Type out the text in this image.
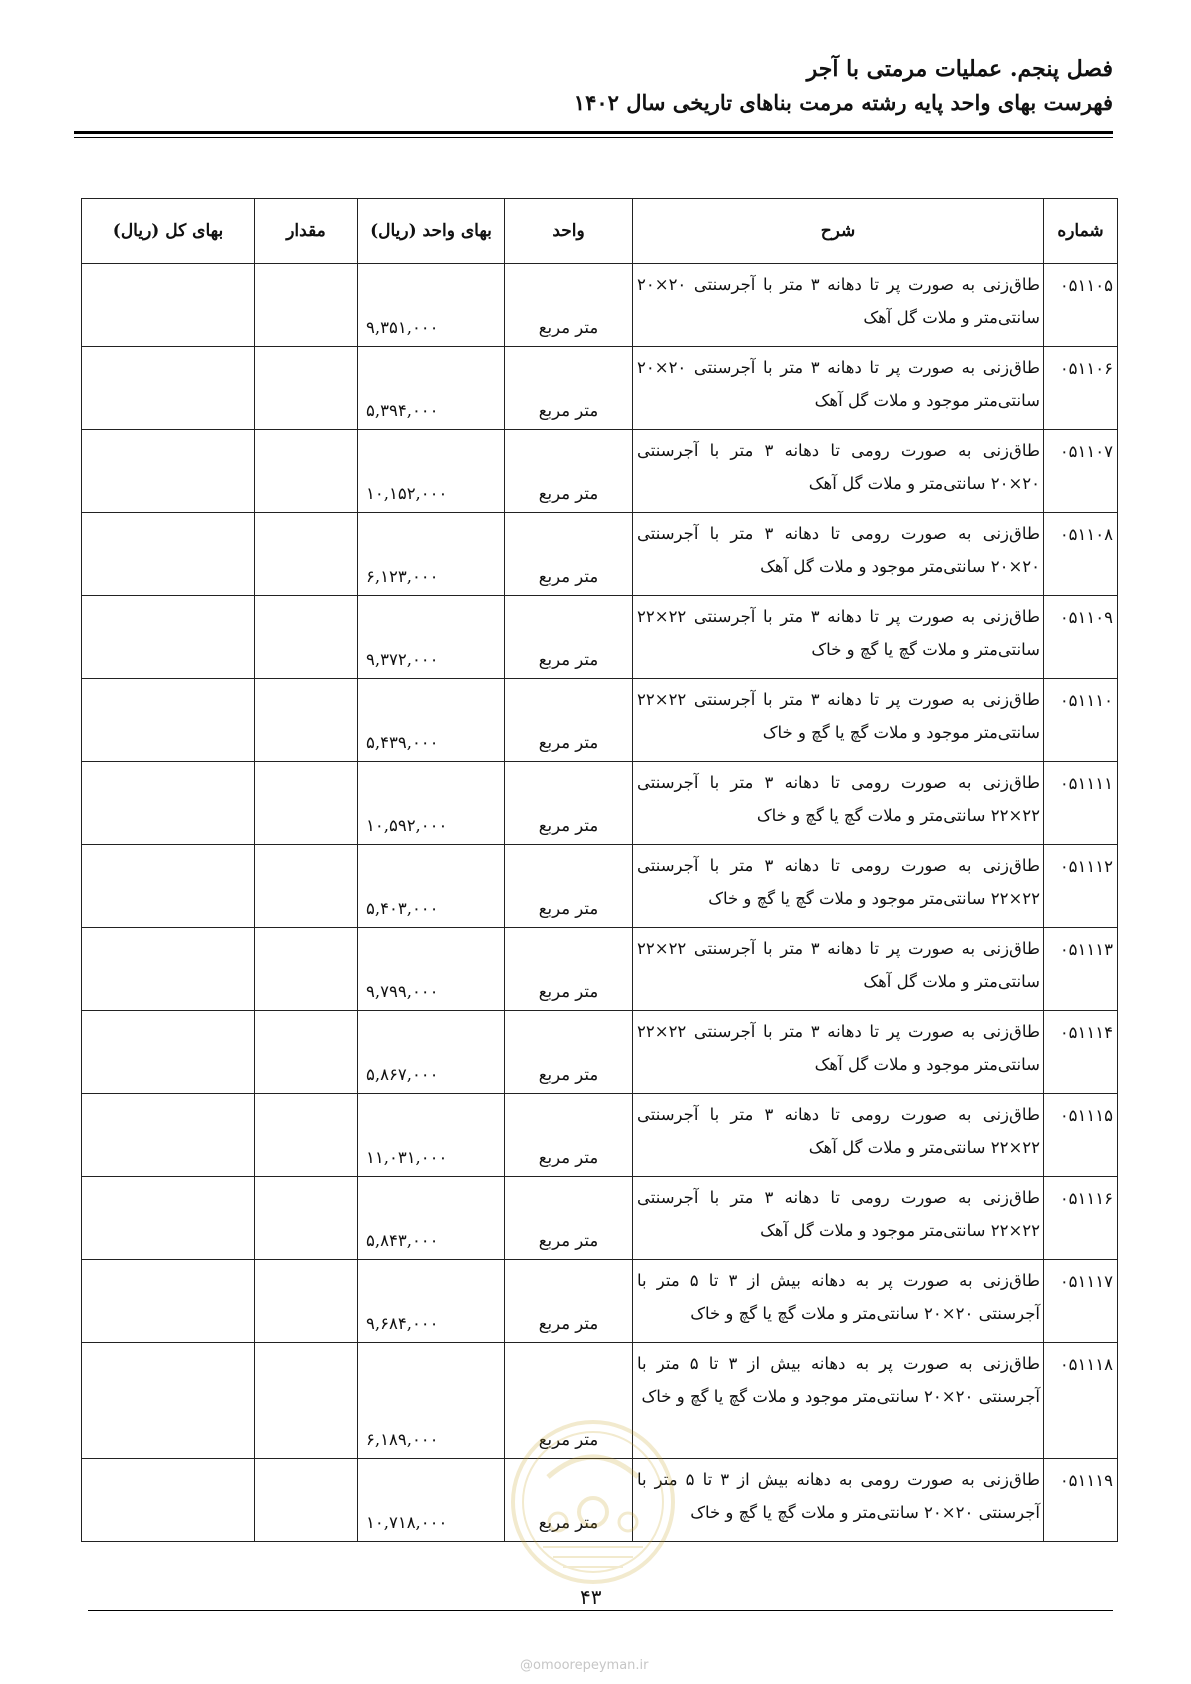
فصل پنجم. عملیات مرمتی با آجر
فهرست بهای واحد پایه رشته مرمت بناهای تاریخی سال ۱۴۰۲
شماره	شرح	واحد	بهای واحد (ریال)	مقدار	بهای کل (ریال)
۰۵۱۱۰۵	طاق‌زنی به صورت پر تا دهانه ۳ متر با آجرسنتی ۲۰×۲۰ سانتی‌متر و ملات گل آهک	متر مربع	۹,۳۵۱,۰۰۰		
۰۵۱۱۰۶	طاق‌زنی به صورت پر تا دهانه ۳ متر با آجرسنتی ۲۰×۲۰ سانتی‌متر موجود و ملات گل آهک	متر مربع	۵,۳۹۴,۰۰۰		
۰۵۱۱۰۷	طاق‌زنی به صورت رومی تا دهانه ۳ متر با آجرسنتی ۲۰×۲۰ سانتی‌متر و ملات گل آهک	متر مربع	۱۰,۱۵۲,۰۰۰		
۰۵۱۱۰۸	طاق‌زنی به صورت رومی تا دهانه ۳ متر با آجرسنتی ۲۰×۲۰ سانتی‌متر موجود و ملات گل آهک	متر مربع	۶,۱۲۳,۰۰۰		
۰۵۱۱۰۹	طاق‌زنی به صورت پر تا دهانه ۳ متر با آجرسنتی ۲۲×۲۲ سانتی‌متر و ملات گچ یا گچ و خاک	متر مربع	۹,۳۷۲,۰۰۰		
۰۵۱۱۱۰	طاق‌زنی به صورت پر تا دهانه ۳ متر با آجرسنتی ۲۲×۲۲ سانتی‌متر موجود و ملات گچ یا گچ و خاک	متر مربع	۵,۴۳۹,۰۰۰		
۰۵۱۱۱۱	طاق‌زنی به صورت رومی تا دهانه ۳ متر با آجرسنتی ۲۲×۲۲ سانتی‌متر و ملات گچ یا گچ و خاک	متر مربع	۱۰,۵۹۲,۰۰۰		
۰۵۱۱۱۲	طاق‌زنی به صورت رومی تا دهانه ۳ متر با آجرسنتی ۲۲×۲۲ سانتی‌متر موجود و ملات گچ یا گچ و خاک	متر مربع	۵,۴۰۳,۰۰۰		
۰۵۱۱۱۳	طاق‌زنی به صورت پر تا دهانه ۳ متر با آجرسنتی ۲۲×۲۲ سانتی‌متر و ملات گل آهک	متر مربع	۹,۷۹۹,۰۰۰		
۰۵۱۱۱۴	طاق‌زنی به صورت پر تا دهانه ۳ متر با آجرسنتی ۲۲×۲۲ سانتی‌متر موجود و ملات گل آهک	متر مربع	۵,۸۶۷,۰۰۰		
۰۵۱۱۱۵	طاق‌زنی به صورت رومی تا دهانه ۳ متر با آجرسنتی ۲۲×۲۲ سانتی‌متر و ملات گل آهک	متر مربع	۱۱,۰۳۱,۰۰۰		
۰۵۱۱۱۶	طاق‌زنی به صورت رومی تا دهانه ۳ متر با آجرسنتی ۲۲×۲۲ سانتی‌متر موجود و ملات گل آهک	متر مربع	۵,۸۴۳,۰۰۰		
۰۵۱۱۱۷	طاق‌زنی به صورت پر به دهانه بیش از ۳ تا ۵ متر با آجرسنتی ۲۰×۲۰ سانتی‌متر و ملات گچ یا گچ و خاک	متر مربع	۹,۶۸۴,۰۰۰		
۰۵۱۱۱۸	طاق‌زنی به صورت پر به دهانه بیش از ۳ تا ۵ متر با آجرسنتی ۲۰×۲۰ سانتی‌متر موجود و ملات گچ یا گچ و خاک	متر مربع	۶,۱۸۹,۰۰۰		
۰۵۱۱۱۹	طاق‌زنی به صورت رومی به دهانه بیش از ۳ تا ۵ متر با آجرسنتی ۲۰×۲۰ سانتی‌متر و ملات گچ یا گچ و خاک	متر مربع	۱۰,۷۱۸,۰۰۰		
۴۳
@omoorepeyman.ir
